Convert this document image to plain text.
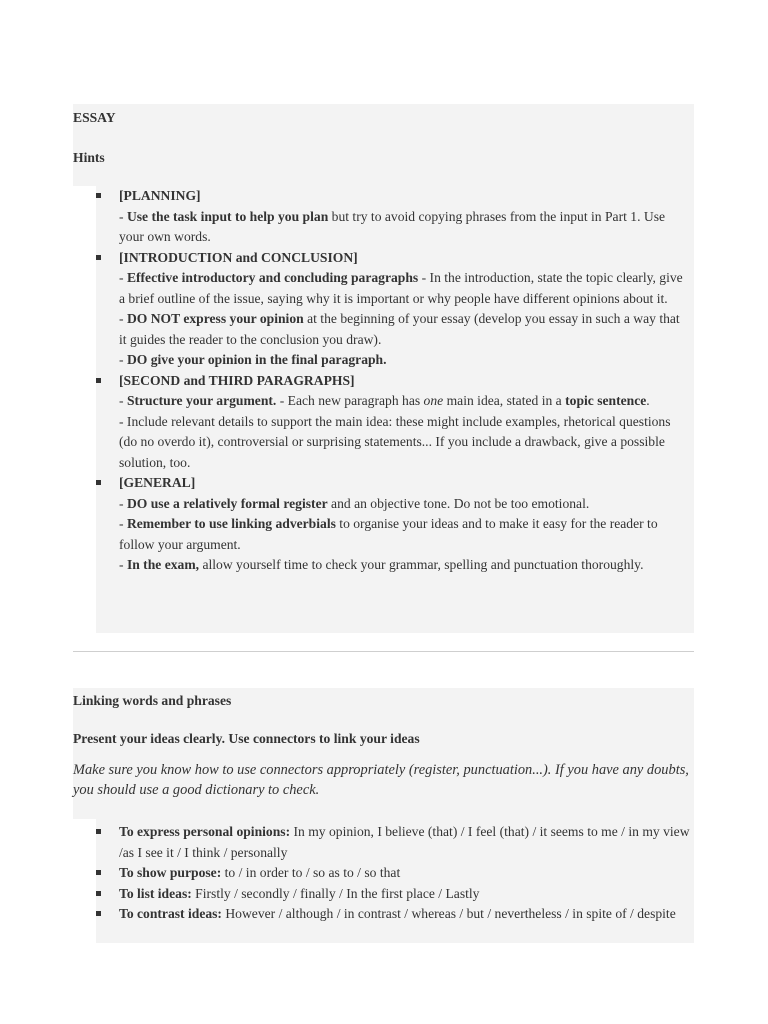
ESSAY
Hints
[PLANNING]
- Use the task input to help you plan but try to avoid copying phrases from the input in Part 1. Use your own words.
[INTRODUCTION and CONCLUSION]
- Effective introductory and concluding paragraphs - In the introduction, state the topic clearly, give a brief outline of the issue, saying why it is important or why people have different opinions about it.
- DO NOT express your opinion at the beginning of your essay (develop you essay in such a way that it guides the reader to the conclusion you draw).
- DO give your opinion in the final paragraph.
[SECOND and THIRD PARAGRAPHS]
- Structure your argument. - Each new paragraph has one main idea, stated in a topic sentence.
- Include relevant details to support the main idea: these might include examples, rhetorical questions (do no overdo it), controversial or surprising statements... If you include a drawback, give a possible solution, too.
[GENERAL]
- DO use a relatively formal register and an objective tone. Do not be too emotional.
- Remember to use linking adverbials to organise your ideas and to make it easy for the reader to follow your argument.
- In the exam, allow yourself time to check your grammar, spelling and punctuation thoroughly.
Linking words and phrases
Present your ideas clearly. Use connectors to link your ideas
Make sure you know how to use connectors appropriately (register, punctuation...). If you have any doubts, you should use a good dictionary to check.
To express personal opinions: In my opinion, I believe (that) / I feel (that) / it seems to me / in my view /as I see it / I think / personally
To show purpose: to / in order to / so as to / so that
To list ideas: Firstly / secondly / finally / In the first place / Lastly
To contrast ideas: However / although / in contrast / whereas / but / nevertheless / in spite of / despite
